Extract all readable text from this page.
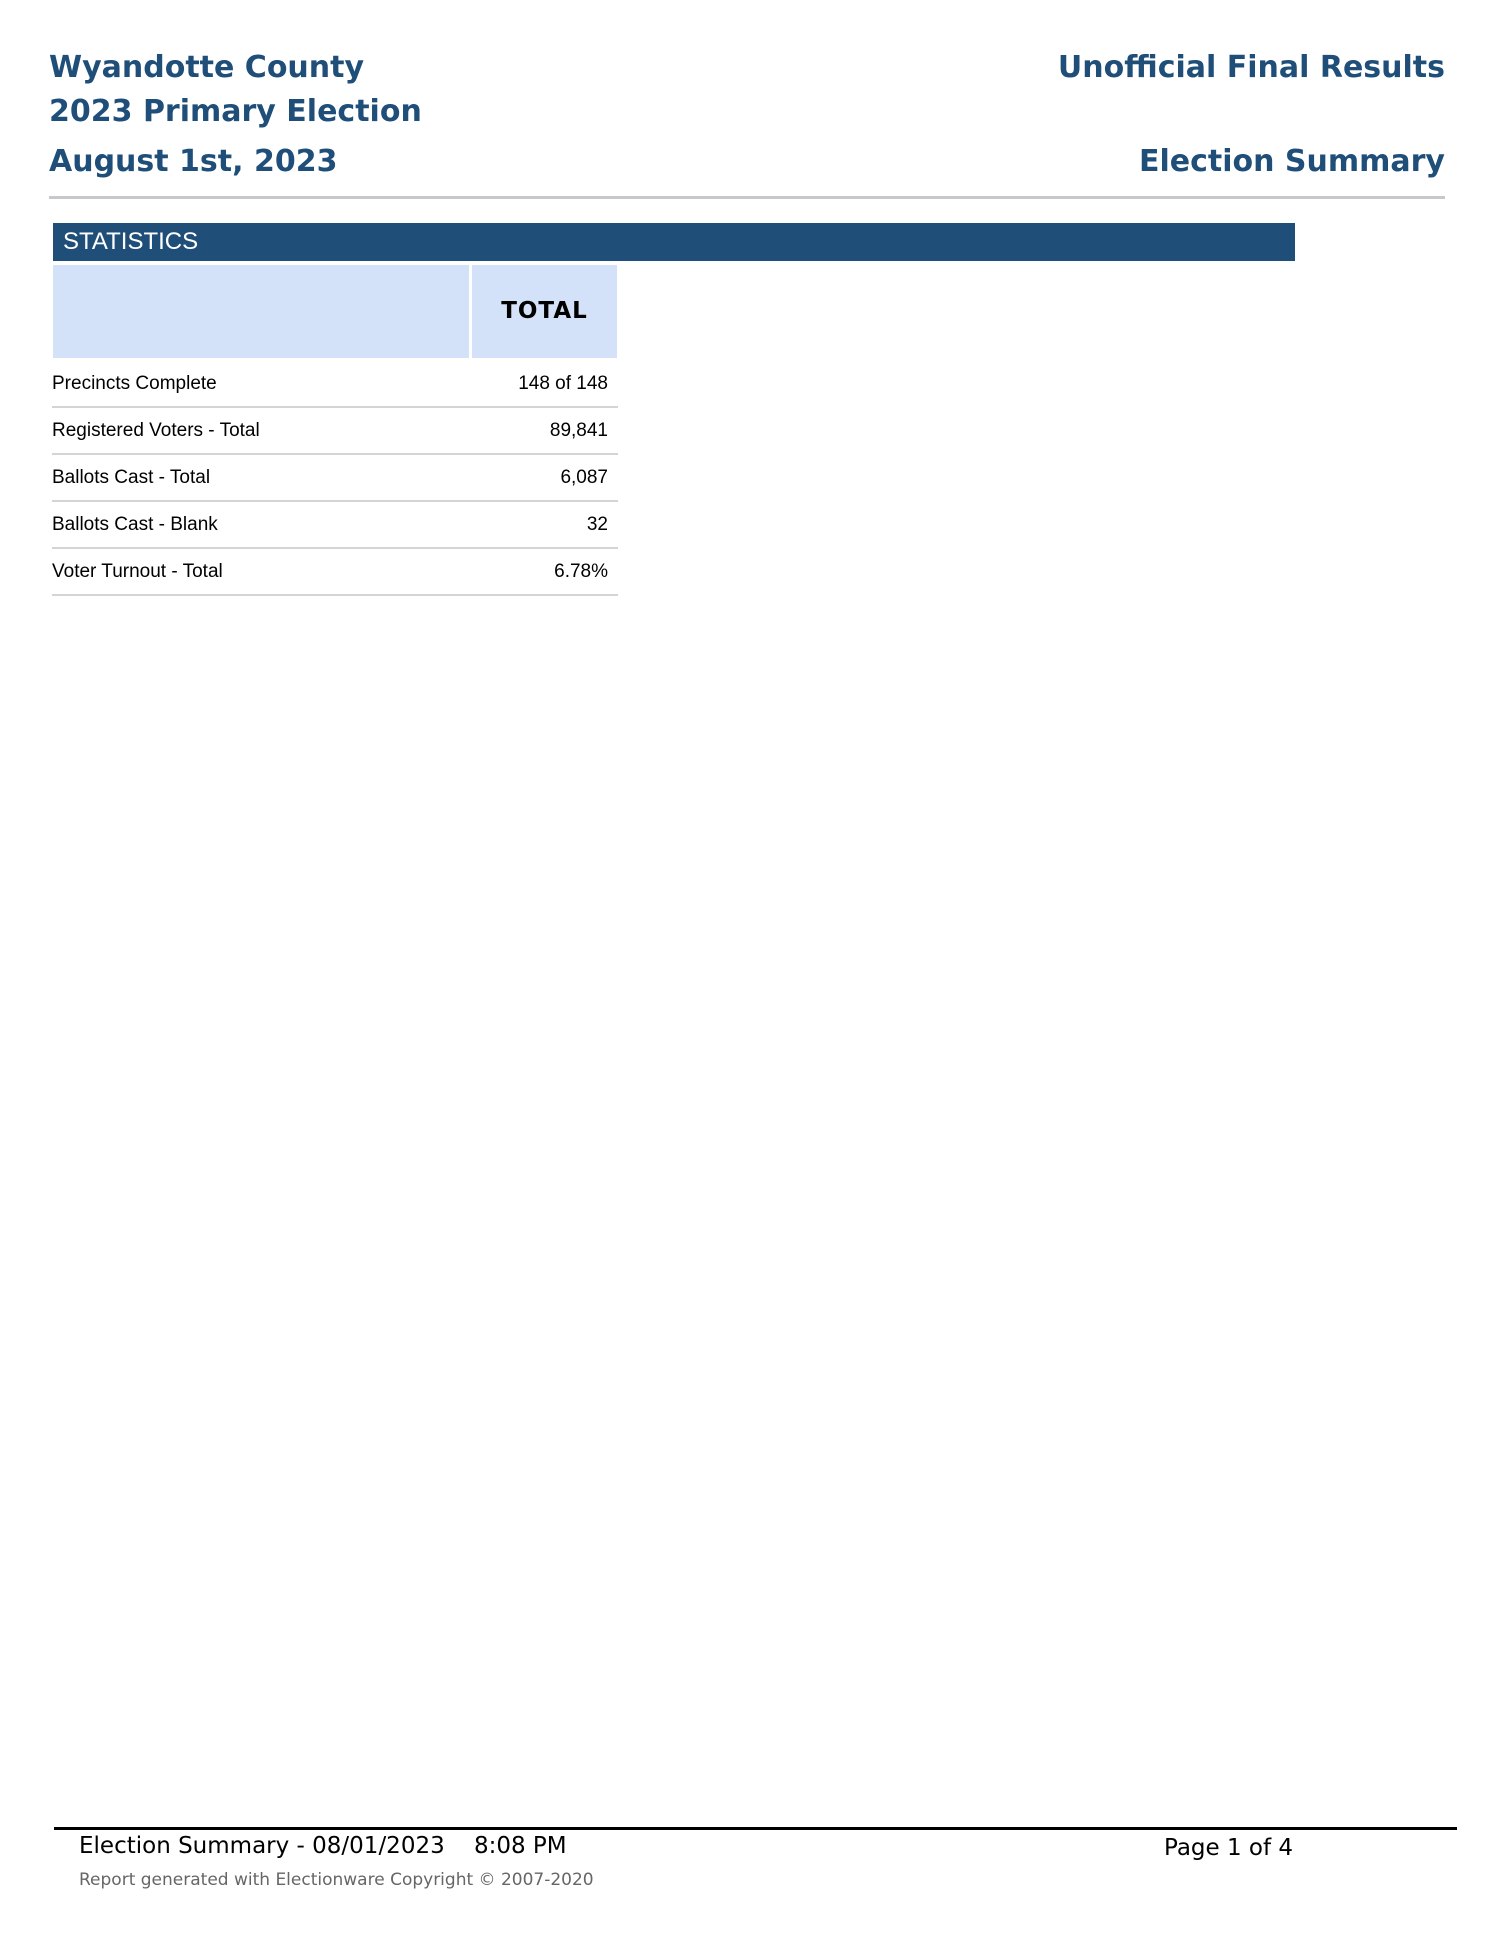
Wyandotte County
2023 Primary Election
August 1st, 2023
Unofficial Final Results
Election Summary
STATISTICS
TOTAL
Precincts Complete	148 of 148
Registered Voters - Total	89,841
Ballots Cast - Total	6,087
Ballots Cast - Blank	32
Voter Turnout - Total	6.78%
Election Summary - 08/01/2023    8:08 PM	Page 1 of 4
Report generated with Electionware Copyright © 2007-2020
